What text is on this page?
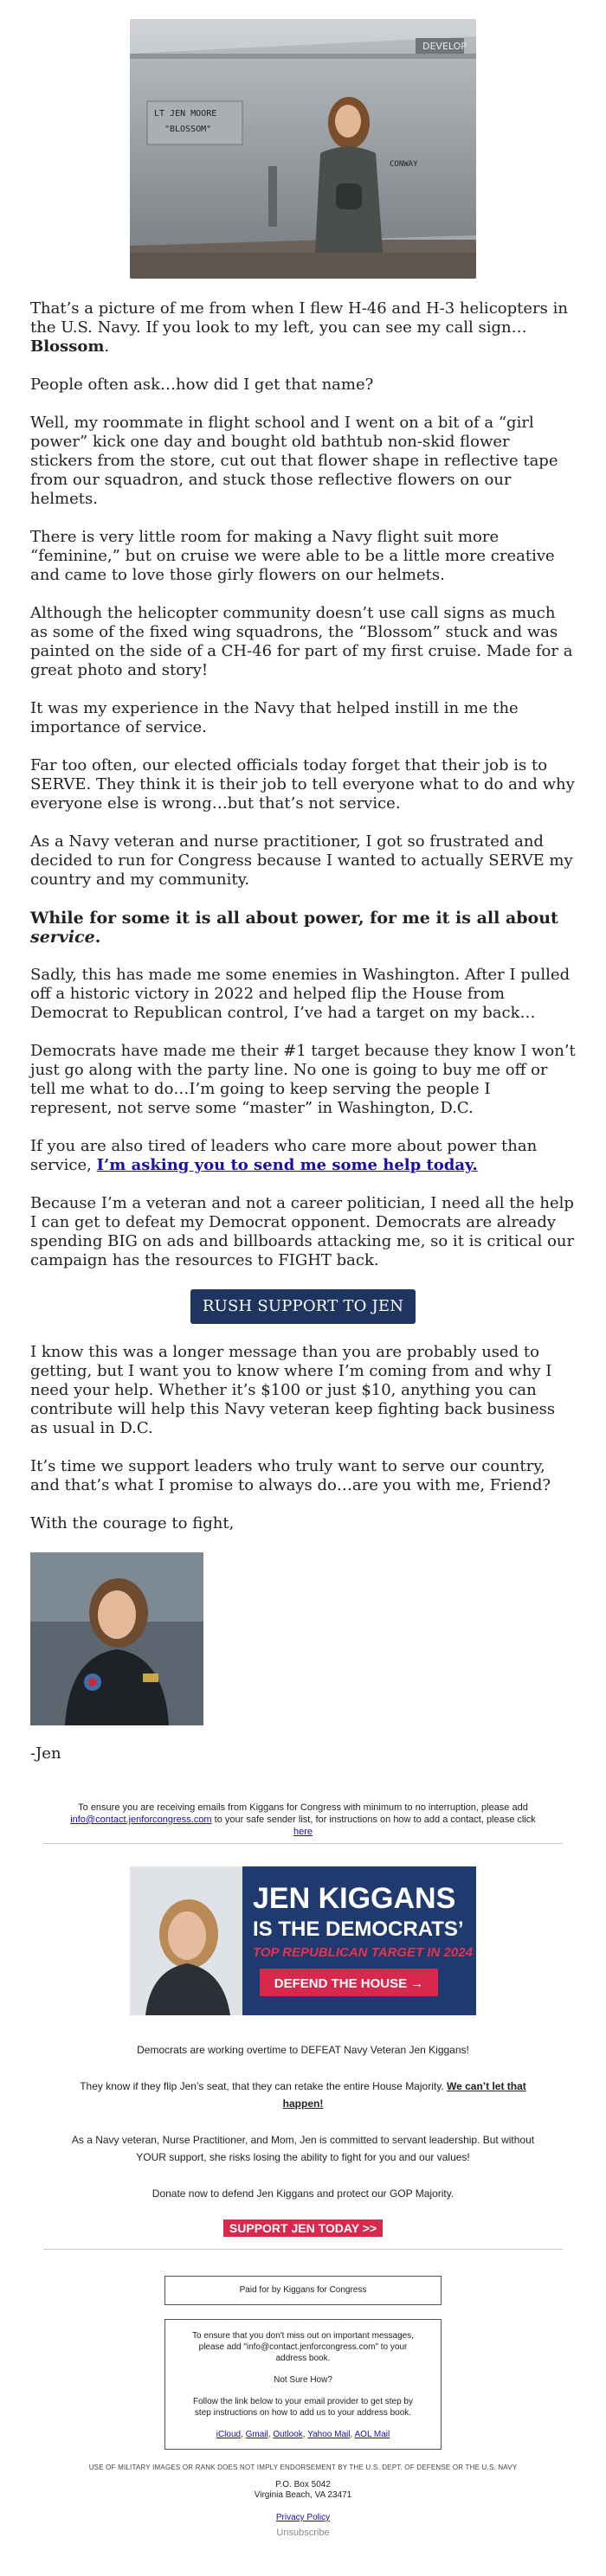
DEVELOP
LT JEN MOORE
"BLOSSOM"
CONWAY

That’s a picture of me from when I flew H-46 and H-3 helicopters in the U.S. Navy. If you look to my left, you can see my call sign… Blossom.

People often ask…how did I get that name?

Well, my roommate in flight school and I went on a bit of a “girl power” kick one day and bought old bathtub non-skid flower stickers from the store, cut out that flower shape in reflective tape from our squadron, and stuck those reflective flowers on our helmets.

There is very little room for making a Navy flight suit more “feminine,” but on cruise we were able to be a little more creative and came to love those girly flowers on our helmets.

Although the helicopter community doesn’t use call signs as much as some of the fixed wing squadrons, the “Blossom” stuck and was painted on the side of a CH-46 for part of my first cruise. Made for a great photo and story!

It was my experience in the Navy that helped instill in me the importance of service.

Far too often, our elected officials today forget that their job is to SERVE. They think it is their job to tell everyone what to do and why everyone else is wrong…but that’s not service.

As a Navy veteran and nurse practitioner, I got so frustrated and decided to run for Congress because I wanted to actually SERVE my country and my community.

While for some it is all about power, for me it is all about service.

Sadly, this has made me some enemies in Washington. After I pulled off a historic victory in 2022 and helped flip the House from Democrat to Republican control, I’ve had a target on my back…

Democrats have made me their #1 target because they know I won’t just go along with the party line. No one is going to buy me off or tell me what to do…I’m going to keep serving the people I represent, not serve some “master” in Washington, D.C.

If you are also tired of leaders who care more about power than service, I’m asking you to send me some help today.

Because I’m a veteran and not a career politician, I need all the help I can get to defeat my Democrat opponent. Democrats are already spending BIG on ads and billboards attacking me, so it is critical our campaign has the resources to FIGHT back.

RUSH SUPPORT TO JEN

I know this was a longer message than you are probably used to getting, but I want you to know where I’m coming from and why I need your help. Whether it’s $100 or just $10, anything you can contribute will help this Navy veteran keep fighting back business as usual in D.C.

It’s time we support leaders who truly want to serve our country, and that’s what I promise to always do…are you with me, Friend?

With the courage to fight,

-Jen

To ensure you are receiving emails from Kiggans for Congress with minimum to no interruption, please add info@contact.jenforcongress.com to your safe sender list, for instructions on how to add a contact, please click here
JEN KIGGANS
IS THE DEMOCRATS’
TOP REPUBLICAN TARGET IN 2024
DEFEND THE HOUSE →
Democrats are working overtime to DEFEAT Navy Veteran Jen Kiggans!
They know if they flip Jen’s seat, that they can retake the entire House Majority. We can’t let that happen!
As a Navy veteran, Nurse Practitioner, and Mom, Jen is committed to servant leadership. But without YOUR support, she risks losing the ability to fight for you and our values!
Donate now to defend Jen Kiggans and protect our GOP Majority.
SUPPORT JEN TODAY >>
Paid for by Kiggans for Congress

To ensure that you don't miss out on important messages, please add "info@contact.jenforcongress.com" to your address book.

Not Sure How?

Follow the link below to your email provider to get step by step instructions on how to add us to your address book.

iCloud, Gmail, Outlook, Yahoo Mail, AOL Mail

USE OF MILITARY IMAGES OR RANK DOES NOT IMPLY ENDORSEMENT BY THE U.S. DEPT. OF DEFENSE OR THE U.S. NAVY
P.O. Box 5042
Virginia Beach, VA 23471
Privacy Policy
Unsubscribe
